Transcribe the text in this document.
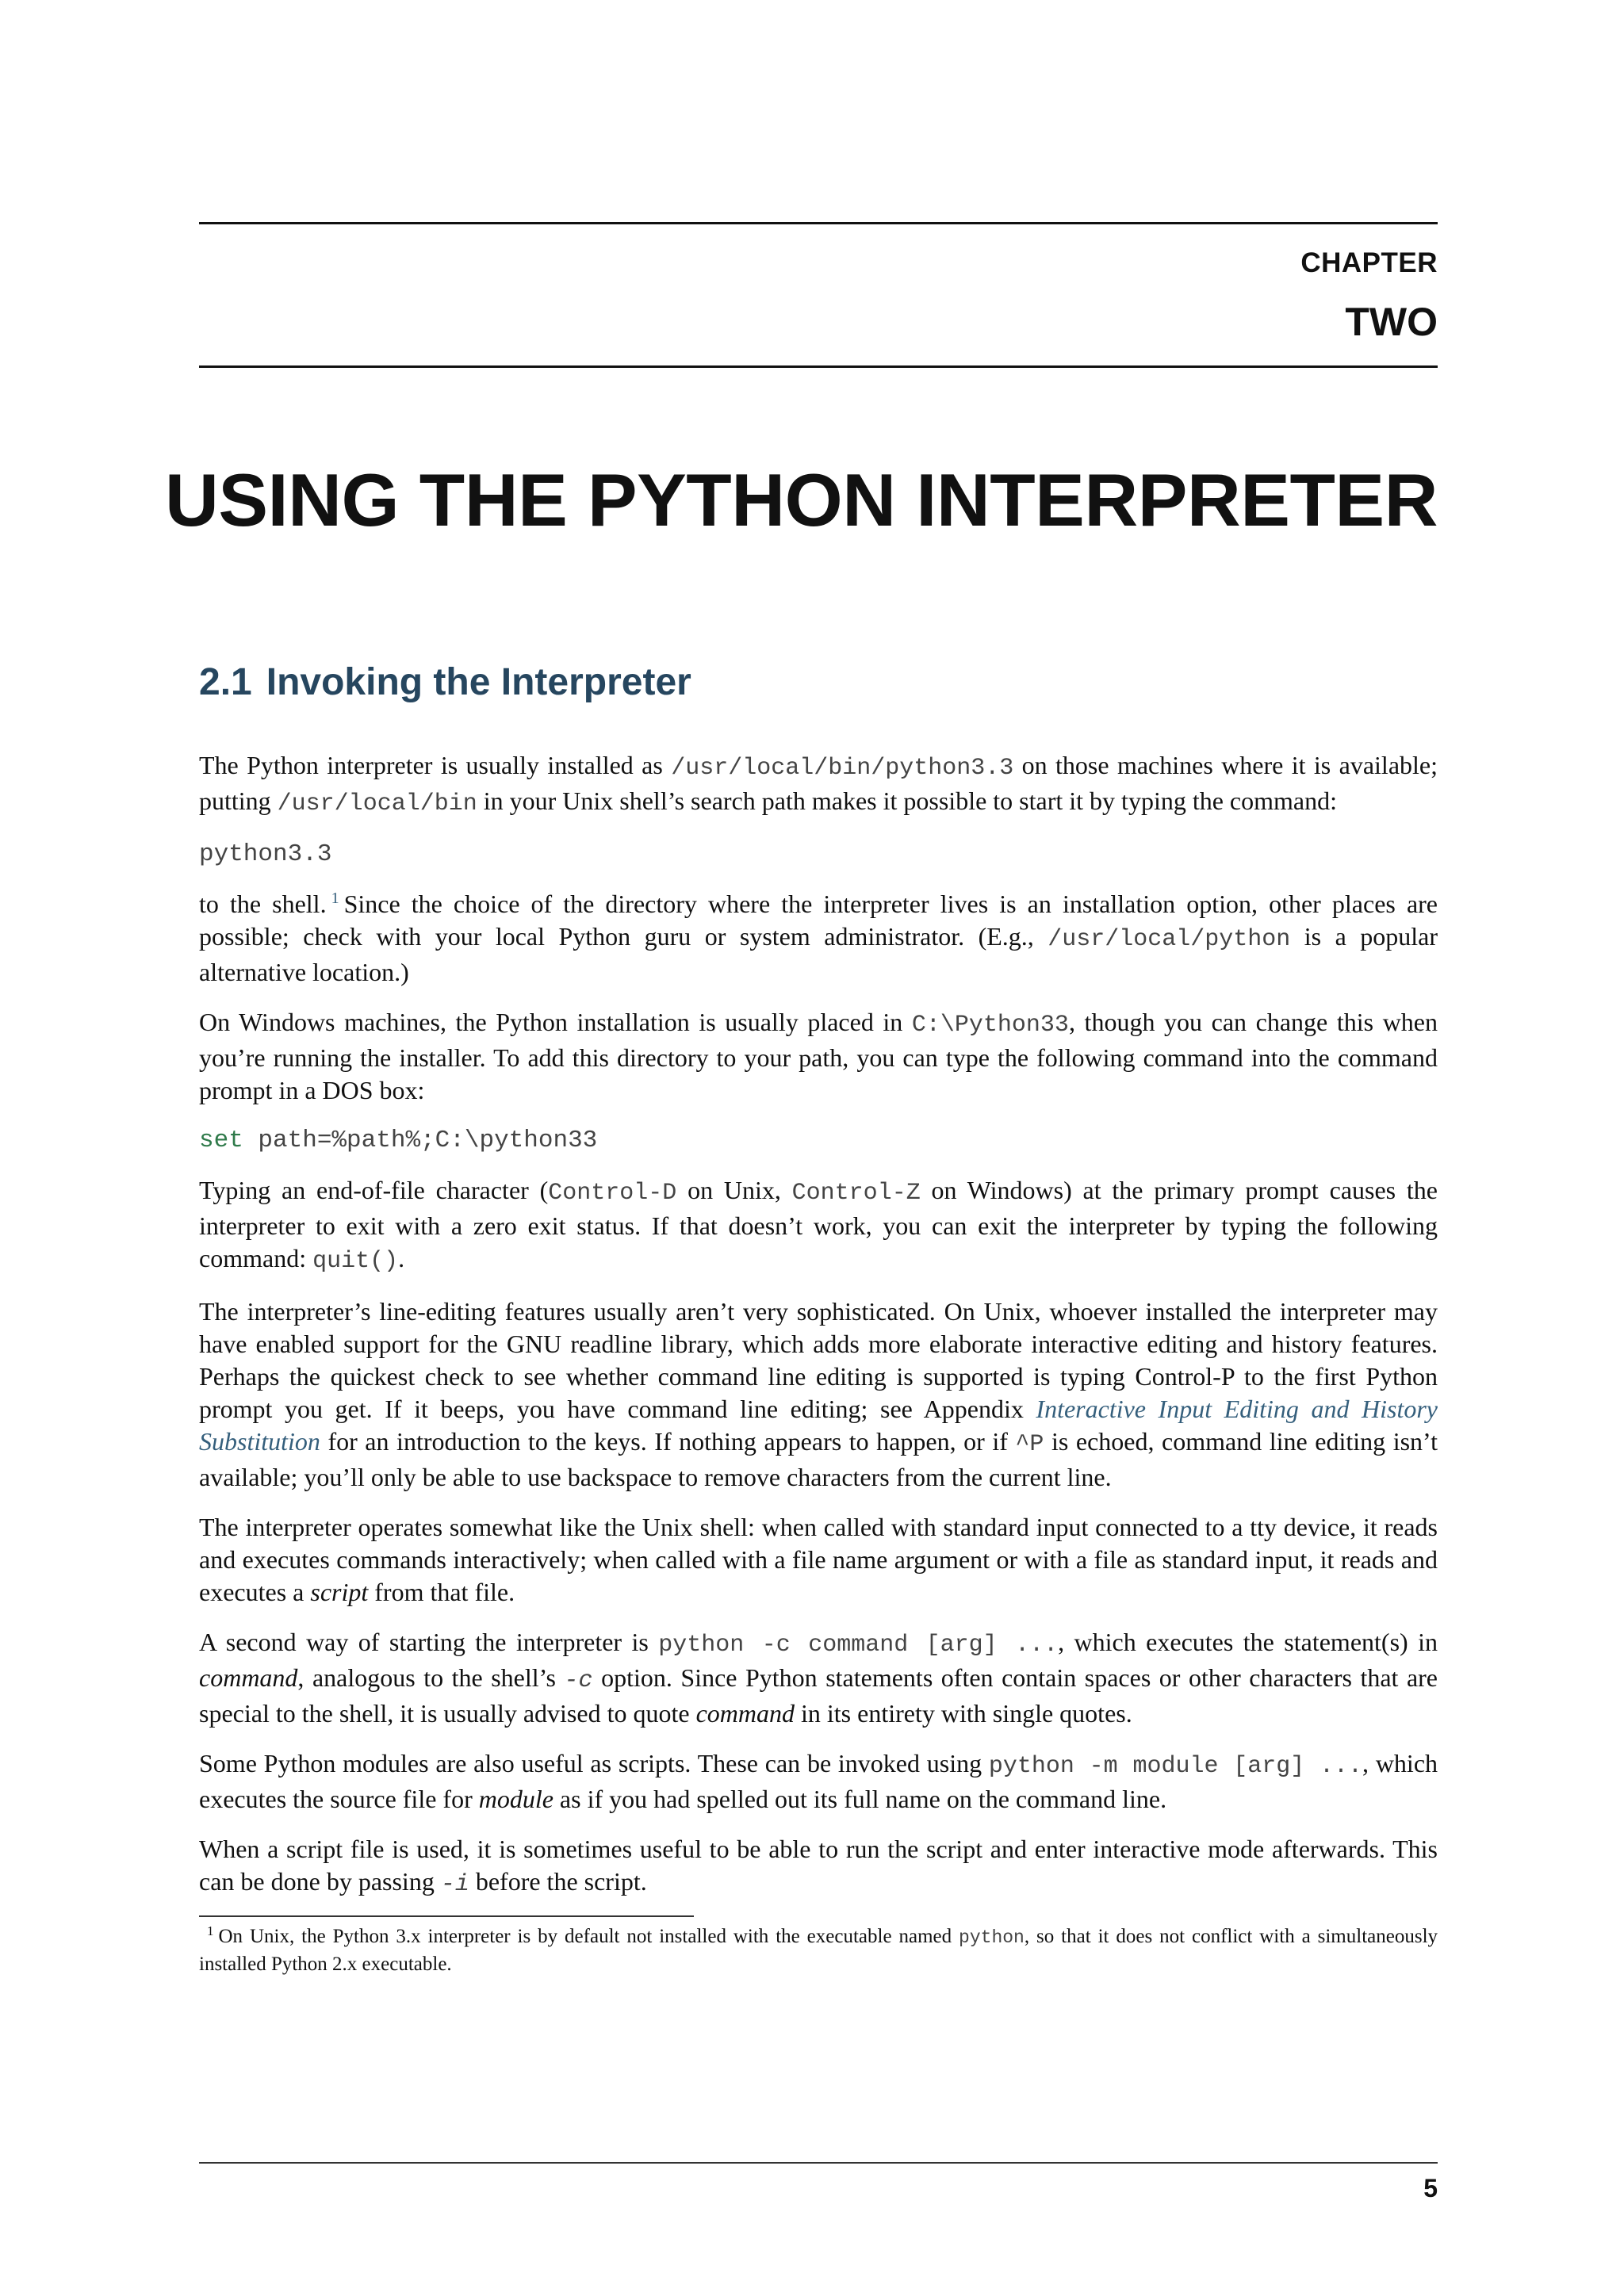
CHAPTER
TWO
USING THE PYTHON INTERPRETER
2.1 Invoking the Interpreter

The Python interpreter is usually installed as /usr/local/bin/python3.3 on those machines where it is available; putting /usr/local/bin in your Unix shell’s search path makes it possible to start it by typing the command:

python3.3

to the shell. $^1$ Since the choice of the directory where the interpreter lives is an installation option, other places are possible; check with your local Python guru or system administrator. (E.g., /usr/local/python is a popular alternative location.)

On Windows machines, the Python installation is usually placed in C:\Python33, though you can change this when you’re running the installer. To add this directory to your path, you can type the following command into the command prompt in a DOS box:

set path=%path%;C:\python33

Typing an end-of-file character (Control-D on Unix, Control-Z on Windows) at the primary prompt causes the interpreter to exit with a zero exit status. If that doesn’t work, you can exit the interpreter by typing the following command: quit().

The interpreter’s line-editing features usually aren’t very sophisticated. On Unix, whoever installed the interpreter may have enabled support for the GNU readline library, which adds more elaborate interactive editing and history features. Perhaps the quickest check to see whether command line editing is supported is typing Control-P to the first Python prompt you get. If it beeps, you have command line editing; see Appendix Interactive Input Editing and History Substitution for an introduction to the keys. If nothing appears to happen, or if ^P is echoed, command line editing isn’t available; you’ll only be able to use backspace to remove characters from the current line.

The interpreter operates somewhat like the Unix shell: when called with standard input connected to a tty device, it reads and executes commands interactively; when called with a file name argument or with a file as standard input, it reads and executes a script from that file.

A second way of starting the interpreter is python -c command [arg] ..., which executes the statement(s) in command, analogous to the shell’s -c option. Since Python statements often contain spaces or other characters that are special to the shell, it is usually advised to quote command in its entirety with single quotes.

Some Python modules are also useful as scripts. These can be invoked using python -m module [arg] ..., which executes the source file for module as if you had spelled out its full name on the command line.

When a script file is used, it is sometimes useful to be able to run the script and enter interactive mode afterwards. This can be done by passing -i before the script.

$^1$ On Unix, the Python 3.x interpreter is by default not installed with the executable named python, so that it does not conflict with a simultaneously installed Python 2.x executable.
5
